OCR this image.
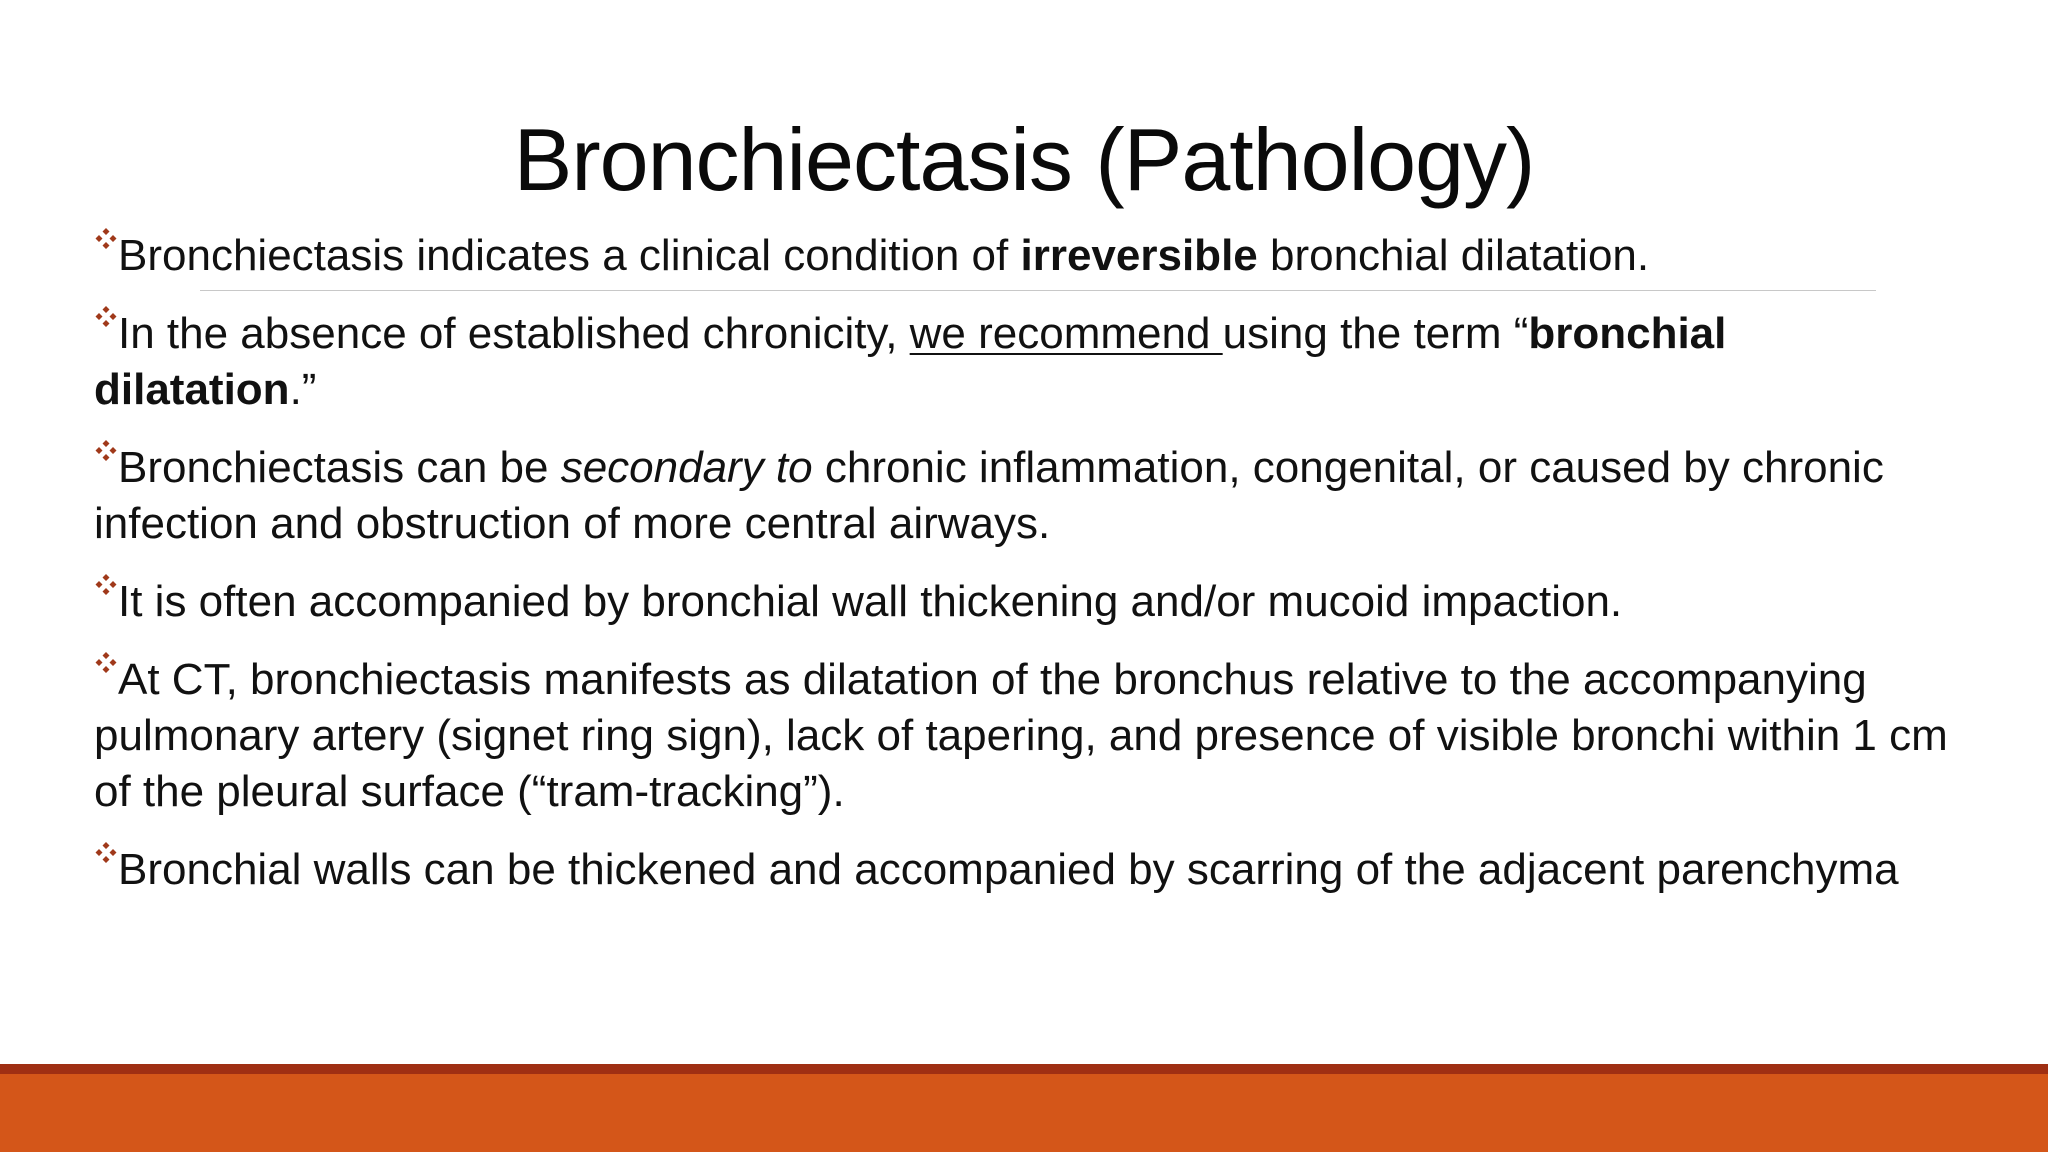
Bronchiectasis (Pathology)
Bronchiectasis indicates a clinical condition of irreversible bronchial dilatation.
In the absence of established chronicity, we recommend using the term “bronchial dilatation.”
Bronchiectasis can be secondary to chronic inflammation, congenital, or caused by chronic infection and obstruction of more central airways.
It is often accompanied by bronchial wall thickening and/or mucoid impaction.
At CT, bronchiectasis manifests as dilatation of the bronchus relative to the accompanying pulmonary artery (signet ring sign), lack of tapering, and presence of visible bronchi within 1 cm of the pleural surface (“tram-tracking”).
Bronchial walls can be thickened and accompanied by scarring of the adjacent parenchyma
